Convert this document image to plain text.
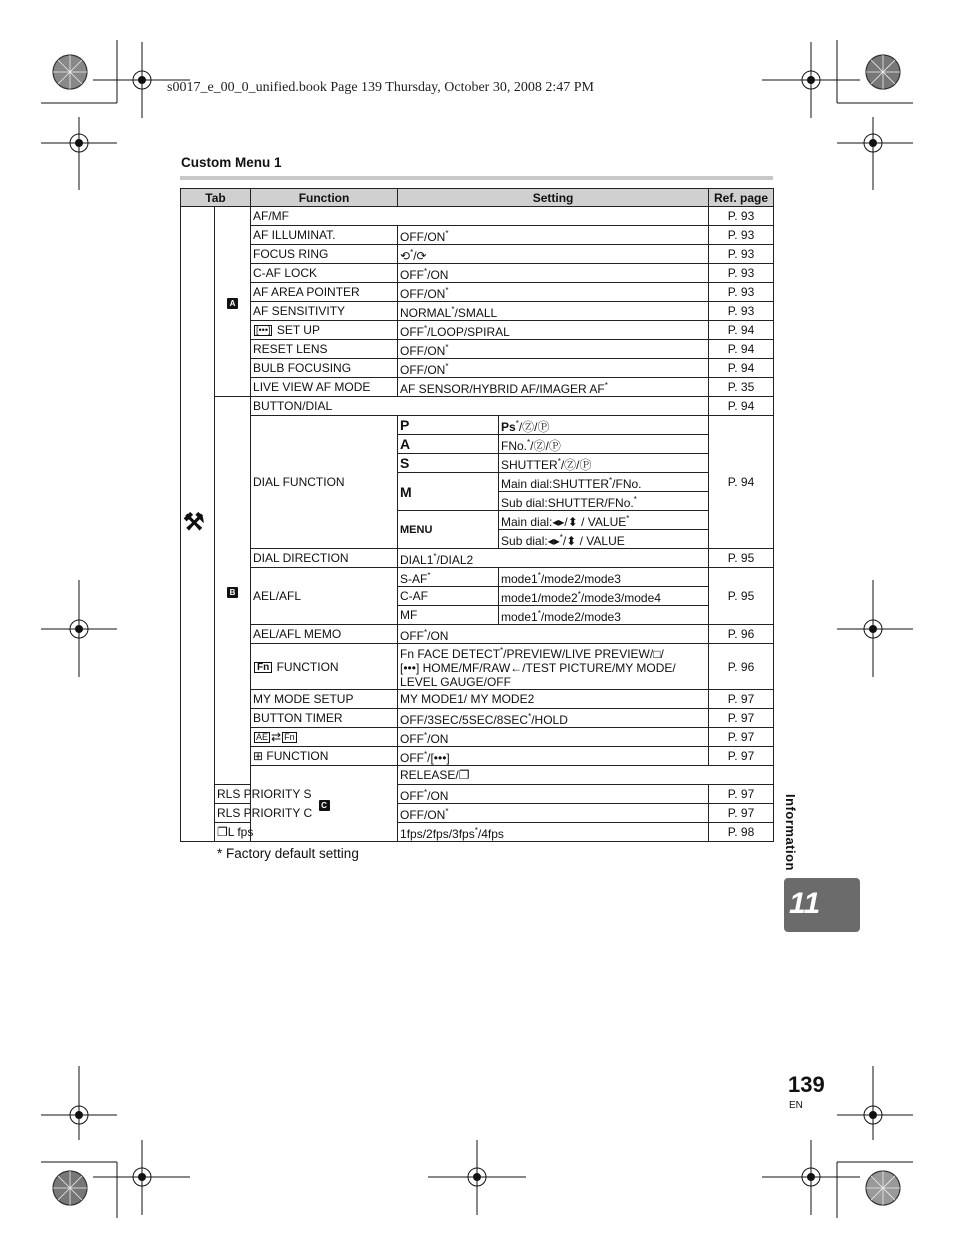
s0017_e_00_0_unified.book Page 139 Thursday, October 30, 2008 2:47 PM
Custom Menu 1
Tab		Function	Setting		Ref. page	
⚒︎	A	AF/MF			P. 93	
		AF ILLUMINAT.	OFF/ON*		P. 93	
		FOCUS RING	⟲*/⟳		P. 93	
		C-AF LOCK	OFF*/ON		P. 93	
		AF AREA POINTER	OFF/ON*		P. 93	
		AF SENSITIVITY	NORMAL*/SMALL		P. 93	
		[•••] SET UP	OFF*/LOOP/SPIRAL		P. 94	
		RESET LENS	OFF/ON*		P. 94	
		BULB FOCUSING	OFF/ON*		P. 94	
		LIVE VIEW AF MODE	AF SENSOR/HYBRID AF/IMAGER AF*		P. 35	
	B	BUTTON/DIAL			P. 94	
		DIAL FUNCTION	P	Ps*/Ⓩ/Ⓟ	P. 94	
			A	FNo.*/Ⓩ/Ⓟ		
			S	SHUTTER*/Ⓩ/Ⓟ		
			M	Main dial:SHUTTER*/FNo.		
				Sub dial:SHUTTER/FNo.*
			MENU	Main dial:◂▸/⬍ / VALUE*
				Sub dial:◂▸*/⬍ / VALUE		
		DIAL DIRECTION	DIAL1*/DIAL2		P. 95	
		AEL/AFL	S-AF*	mode1*/mode2/mode3	P. 95	
			C-AF	mode1/mode2*/mode3/mode4		
			MF	mode1*/mode2/mode3		
		AEL/AFL MEMO	OFF*/ON		P. 96	
		Fn FUNCTION	Fn FACE DETECT*/PREVIEW/LIVE PREVIEW/□/
[•••] HOME/MF/RAW←/TEST PICTURE/MY MODE/
LEVEL GAUGE/OFF		P. 96	
		MY MODE SETUP	MY MODE1/ MY MODE2		P. 97	
		BUTTON TIMER	OFF/3SEC/5SEC/8SEC*/HOLD		P. 97	
		AE ⇄ Fn	OFF*/ON		P. 97	
		⊞ FUNCTION	OFF*/[•••]		P. 97	
		C	RELEASE/❐	
	RLS PRIORITY S		OFF*/ON		P. 97	
	RLS PRIORITY C		OFF/ON*		P. 97	
	❐L fps		1fps/2fps/3fps*/4fps		P. 98	
* Factory default setting	Information
11
139
EN
